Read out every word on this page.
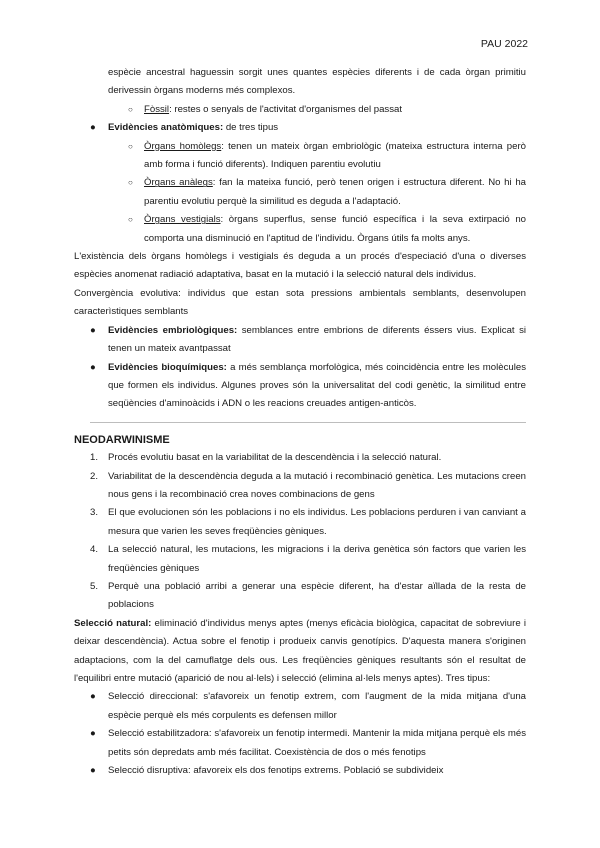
PAU 2022

espècie ancestral haguessin sorgit unes quantes espècies diferents i de cada òrgan primitiu derivessin òrgans moderns més complexos.

○ Fòssil: restes o senyals de l'activitat d'organismes del passat
● Evidències anatòmiques: de tres tipus
○ Òrgans homòlegs: tenen un mateix òrgan embriològic (mateixa estructura interna però amb forma i funció diferents). Indiquen parentiu evolutiu
○ Òrgans anàlegs: fan la mateixa funció, però tenen origen i estructura diferent. No hi ha parentiu evolutiu perquè la similitud es deguda a l'adaptació.
○ Òrgans vestigials: òrgans superflus, sense funció específica i la seva extirpació no comporta una disminució en l'aptitud de l'individu. Òrgans útils fa molts anys.

L'existència dels òrgans homòlegs i vestigials és deguda a un procés d'especiació d'una o diverses espècies anomenat radiació adaptativa, basat en la mutació i la selecció natural dels individus.

Convergència evolutiva: individus que estan sota pressions ambientals semblants, desenvolupen caracterìstiques semblants

● Evidències embriològiques: semblances entre embrions de diferents éssers vius. Explicat si tenen un mateix avantpassat
● Evidències bioquímiques: a més semblança morfològica, més coincidència entre les molècules que formen els individus. Algunes proves són la universalitat del codi genètic, la similitud entre seqüències d'aminoàcids i ADN o les reacions creuades antigen-anticòs.

NEODARWINISME

1. Procés evolutiu basat en la variabilitat de la descendència i la selecció natural.
2. Variabilitat de la descendència deguda a la mutació i recombinació genètica. Les mutacions creen nous gens i la recombinació crea noves combinacions de gens
3. El que evolucionen són les poblacions i no els individus. Les poblacions perduren i van canviant a mesura que varien les seves freqüències gèniques.
4. La selecció natural, les mutacions, les migracions i la deriva genètica són factors que varien les freqüències gèniques
5. Perquè una població arribi a generar una espècie diferent, ha d'estar aïllada de la resta de poblacions

Selecció natural: eliminació d'individus menys aptes (menys eficàcia biològica, capacitat de sobreviure i deixar descendència). Actua sobre el fenotip i produeix canvis genotípics. D'aquesta manera s'originen adaptacions, com la del camuflatge dels ous. Les freqüències gèniques resultants són el resultat de l'equilibri entre mutació (aparició de nou al·lels) i selecció (elimina al·lels menys aptes). Tres tipus:

● Selecció direccional: s'afavoreix un fenotip extrem, com l'augment de la mida mitjana d'una espècie perquè els més corpulents es defensen millor
● Selecció estabilitzadora: s'afavoreix un fenotip intermedi. Mantenir la mida mitjana perquè els més petits són depredats amb més facilitat. Coexistència de dos o més fenotips
● Selecció disruptiva: afavoreix els dos fenotips extrems. Població se subdivideix
